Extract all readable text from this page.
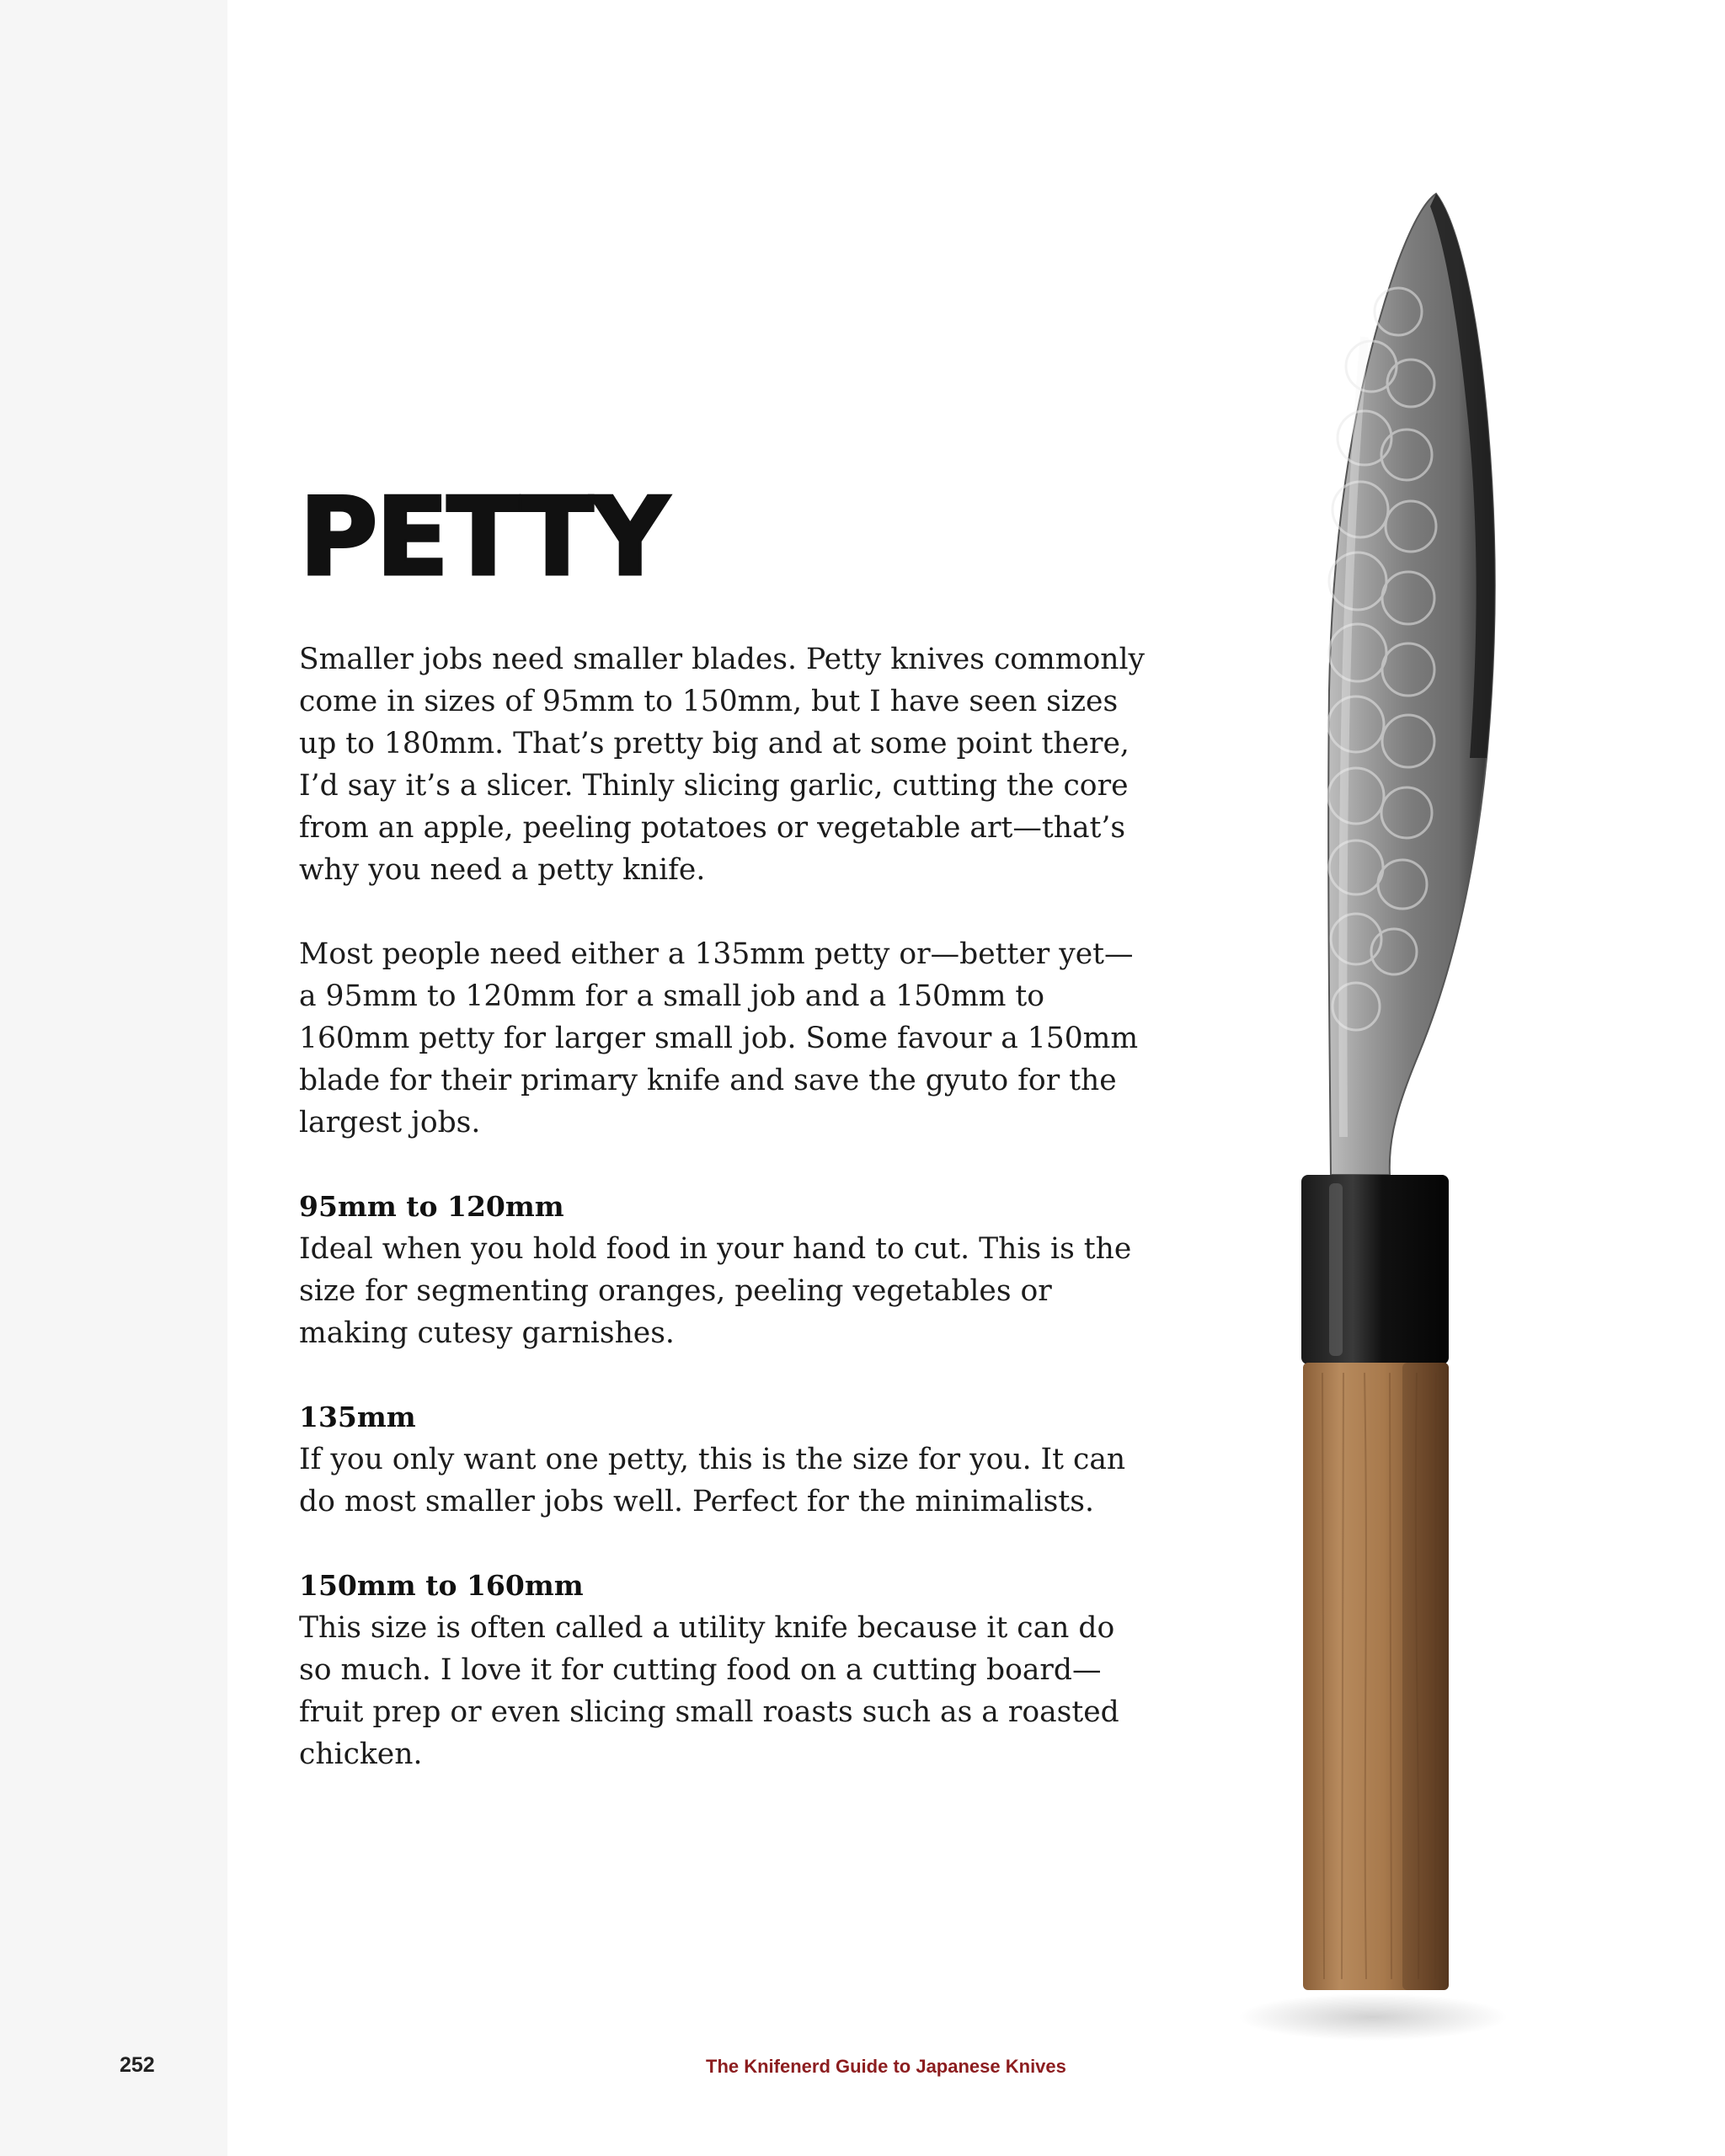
PETTY

Smaller jobs need smaller blades. Petty knives commonly come in sizes of 95mm to 150mm, but I have seen sizes up to 180mm. That’s pretty big and at some point there, I’d say it’s a slicer. Thinly slicing garlic, cutting the core from an apple, peeling potatoes or vegetable art—that’s why you need a petty knife.

Most people need either a 135mm petty or—better yet—a 95mm to 120mm for a small job and a 150mm to 160mm petty for larger small job. Some favour a 150mm blade for their primary knife and save the gyuto for the largest jobs.

95mm to 120mm

Ideal when you hold food in your hand to cut. This is the size for segmenting oranges, peeling vegetables or making cutesy garnishes.

135mm

If you only want one petty, this is the size for you. It can do most smaller jobs well. Perfect for the minimalists.

150mm to 160mm

This size is often called a utility knife because it can do so much. I love it for cutting food on a cutting board—fruit prep or even slicing small roasts such as a roasted chicken.

252	The Knifenerd Guide to Japanese Knives
